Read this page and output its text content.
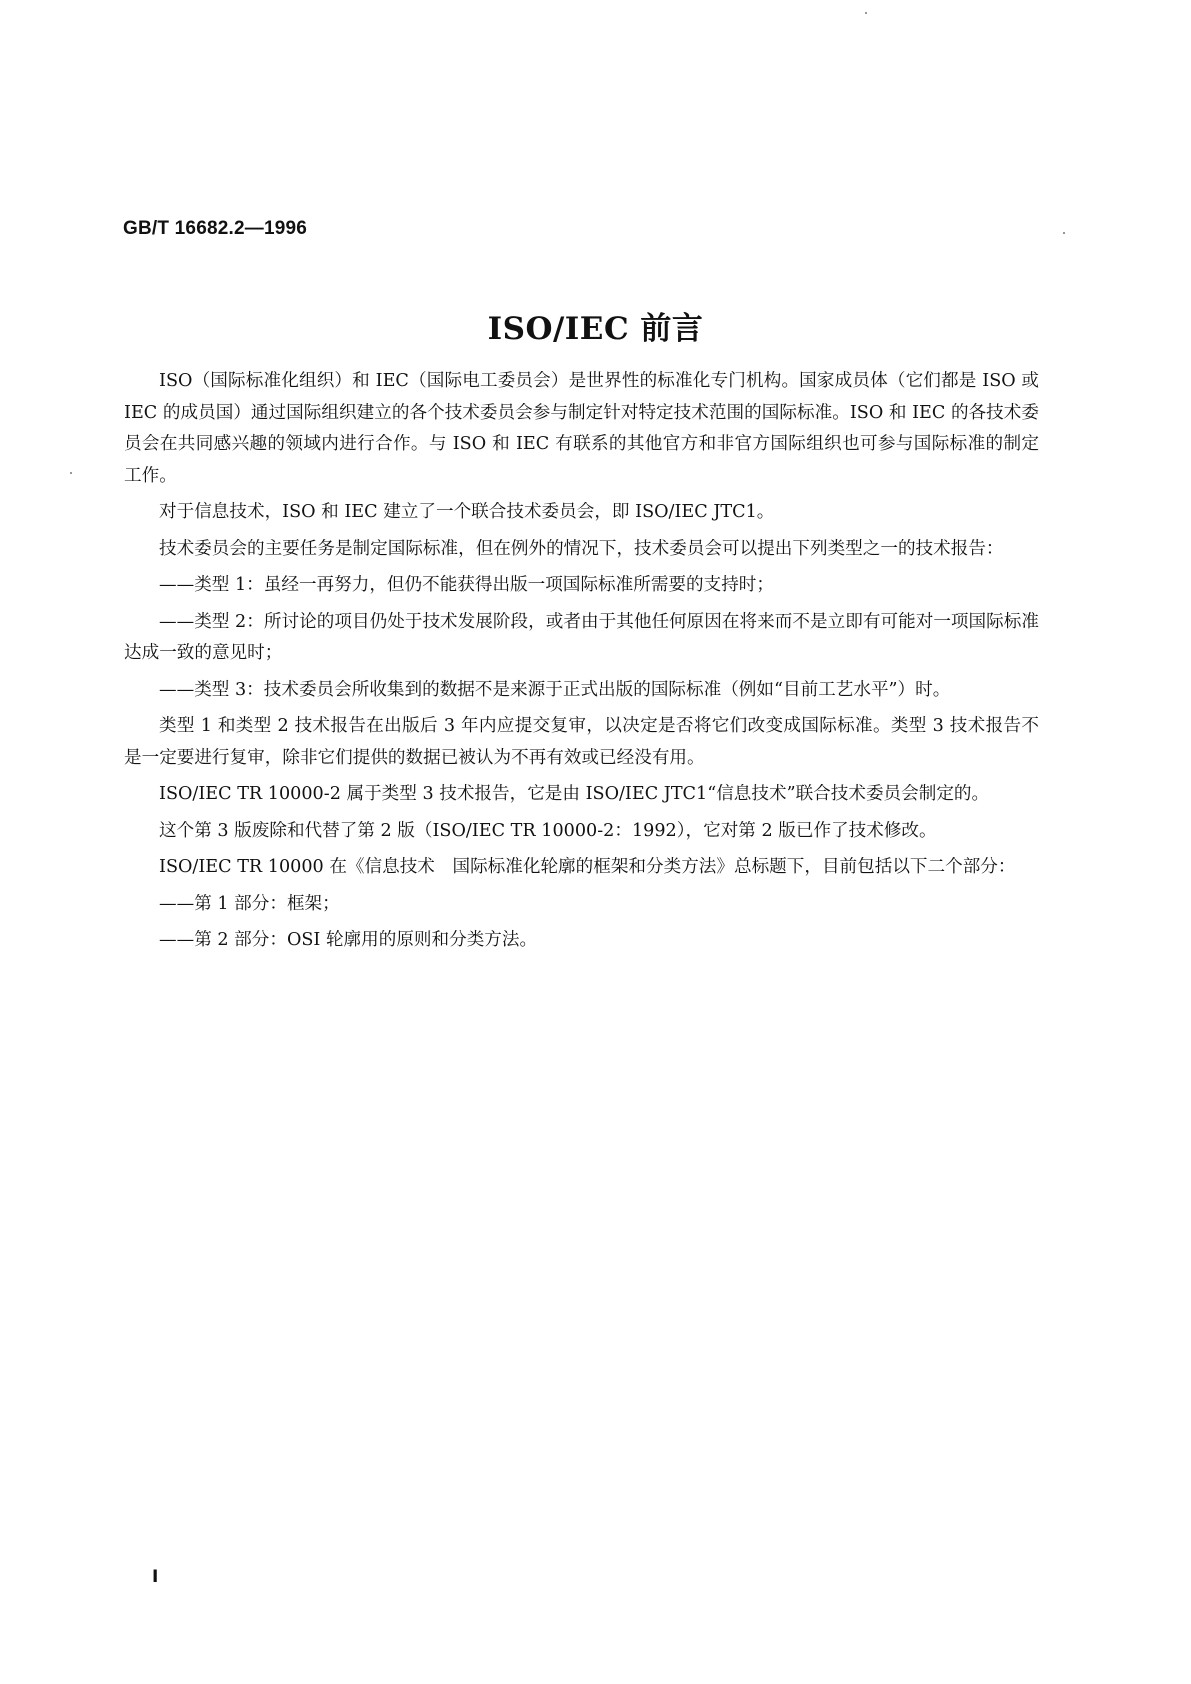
GB/T 16682.2—1996
ISO/IEC 前言

ISO（国际标准化组织）和 IEC（国际电工委员会）是世界性的标准化专门机构。国家成员体（它们都是 ISO 或 IEC 的成员国）通过国际组织建立的各个技术委员会参与制定针对特定技术范围的国际标准。ISO 和 IEC 的各技术委员会在共同感兴趣的领域内进行合作。与 ISO 和 IEC 有联系的其他官方和非官方国际组织也可参与国际标准的制定工作。

对于信息技术，ISO 和 IEC 建立了一个联合技术委员会，即 ISO/IEC JTC1。

技术委员会的主要任务是制定国际标准，但在例外的情况下，技术委员会可以提出下列类型之一的技术报告：

——类型 1：虽经一再努力，但仍不能获得出版一项国际标准所需要的支持时；

——类型 2：所讨论的项目仍处于技术发展阶段，或者由于其他任何原因在将来而不是立即有可能对一项国际标准达成一致的意见时；

——类型 3：技术委员会所收集到的数据不是来源于正式出版的国际标准（例如“目前工艺水平”）时。

类型 1 和类型 2 技术报告在出版后 3 年内应提交复审，以决定是否将它们改变成国际标准。类型 3 技术报告不是一定要进行复审，除非它们提供的数据已被认为不再有效或已经没有用。

ISO/IEC TR 10000-2 属于类型 3 技术报告，它是由 ISO/IEC JTC1“信息技术”联合技术委员会制定的。

这个第 3 版废除和代替了第 2 版（ISO/IEC TR 10000-2：1992），它对第 2 版已作了技术修改。

ISO/IEC TR 10000 在《信息技术　国际标准化轮廓的框架和分类方法》总标题下，目前包括以下二个部分：

——第 1 部分：框架；

——第 2 部分：OSI 轮廓用的原则和分类方法。

Ⅰ
